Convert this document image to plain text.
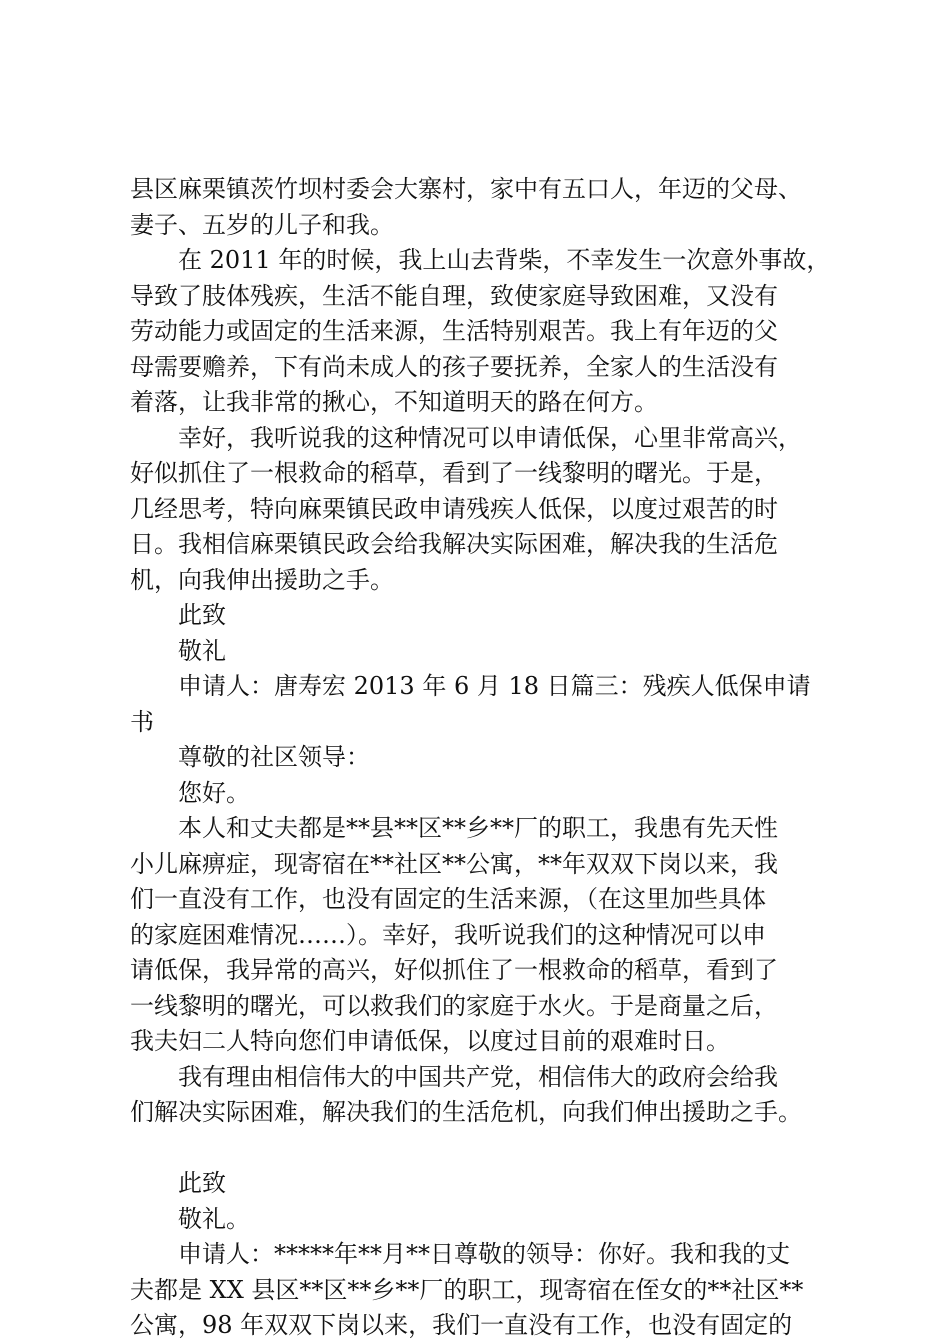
县区麻栗镇茨竹坝村委会大寨村，家中有五口人，年迈的父母、
妻子、五岁的儿子和我。
　　在 2011 年的时候，我上山去背柴，不幸发生一次意外事故，
导致了肢体残疾，生活不能自理，致使家庭导致困难，又没有
劳动能力或固定的生活来源，生活特别艰苦。我上有年迈的父
母需要赡养，下有尚未成人的孩子要抚养，全家人的生活没有
着落，让我非常的揪心，不知道明天的路在何方。
　　幸好，我听说我的这种情况可以申请低保，心里非常高兴，
好似抓住了一根救命的稻草，看到了一线黎明的曙光。于是，
几经思考，特向麻栗镇民政申请残疾人低保，以度过艰苦的时
日。我相信麻栗镇民政会给我解决实际困难，解决我的生活危
机，向我伸出援助之手。
　　此致
　　敬礼
　　申请人：唐寿宏 2013 年 6 月 18 日篇三：残疾人低保申请
书
　　尊敬的社区领导：
　　您好。
　　本人和丈夫都是**县**区**乡**厂的职工，我患有先天性
小儿麻痹症，现寄宿在**社区**公寓，**年双双下岗以来，我
们一直没有工作，也没有固定的生活来源，（在这里加些具体
的家庭困难情况……）。幸好，我听说我们的这种情况可以申
请低保，我异常的高兴，好似抓住了一根救命的稻草，看到了
一线黎明的曙光，可以救我们的家庭于水火。于是商量之后，
我夫妇二人特向您们申请低保，以度过目前的艰难时日。
　　我有理由相信伟大的中国共产党，相信伟大的政府会给我
们解决实际困难，解决我们的生活危机，向我们伸出援助之手。
　　此致
　　敬礼。
　　申请人：*****年**月**日尊敬的领导：你好。我和我的丈
夫都是 XX 县区**区**乡**厂的职工，现寄宿在侄女的**社区**
公寓，98 年双双下岗以来，我们一直没有工作，也没有固定的
